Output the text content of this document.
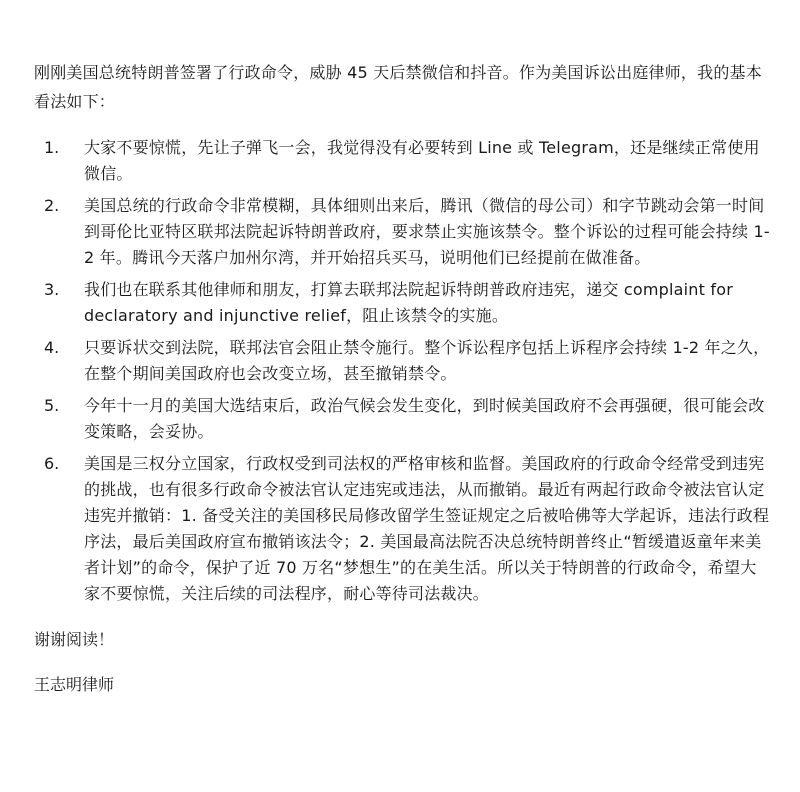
刚刚美国总统特朗普签署了行政命令，威胁 45 天后禁微信和抖音。作为美国诉讼出庭律师，我的基本看法如下：

1.	大家不要惊慌，先让子弹飞一会，我觉得没有必要转到 Line 或 Telegram，还是继续正常使用微信。
2.	美国总统的行政命令非常模糊，具体细则出来后，腾讯（微信的母公司）和字节跳动会第一时间到哥伦比亚特区联邦法院起诉特朗普政府，要求禁止实施该禁令。整个诉讼的过程可能会持续 1-2 年。腾讯今天落户加州尔湾，并开始招兵买马，说明他们已经提前在做准备。
3.	我们也在联系其他律师和朋友，打算去联邦法院起诉特朗普政府违宪，递交 complaint for declaratory and injunctive relief，阻止该禁令的实施。
4.	只要诉状交到法院，联邦法官会阻止禁令施行。整个诉讼程序包括上诉程序会持续 1-2 年之久，在整个期间美国政府也会改变立场，甚至撤销禁令。
5.	今年十一月的美国大选结束后，政治气候会发生变化，到时候美国政府不会再强硬，很可能会改变策略，会妥协。
6.	美国是三权分立国家，行政权受到司法权的严格审核和监督。美国政府的行政命令经常受到违宪的挑战，也有很多行政命令被法官认定违宪或违法，从而撤销。最近有两起行政命令被法官认定违宪并撤销：1. 备受关注的美国移民局修改留学生签证规定之后被哈佛等大学起诉，违法行政程序法，最后美国政府宣布撤销该法令；2. 美国最高法院否决总统特朗普终止“暂缓遣返童年来美者计划”的命令，保护了近 70 万名“梦想生”的在美生活。所以关于特朗普的行政命令，希望大家不要惊慌，关注后续的司法程序，耐心等待司法裁决。

谢谢阅读！

王志明律师
